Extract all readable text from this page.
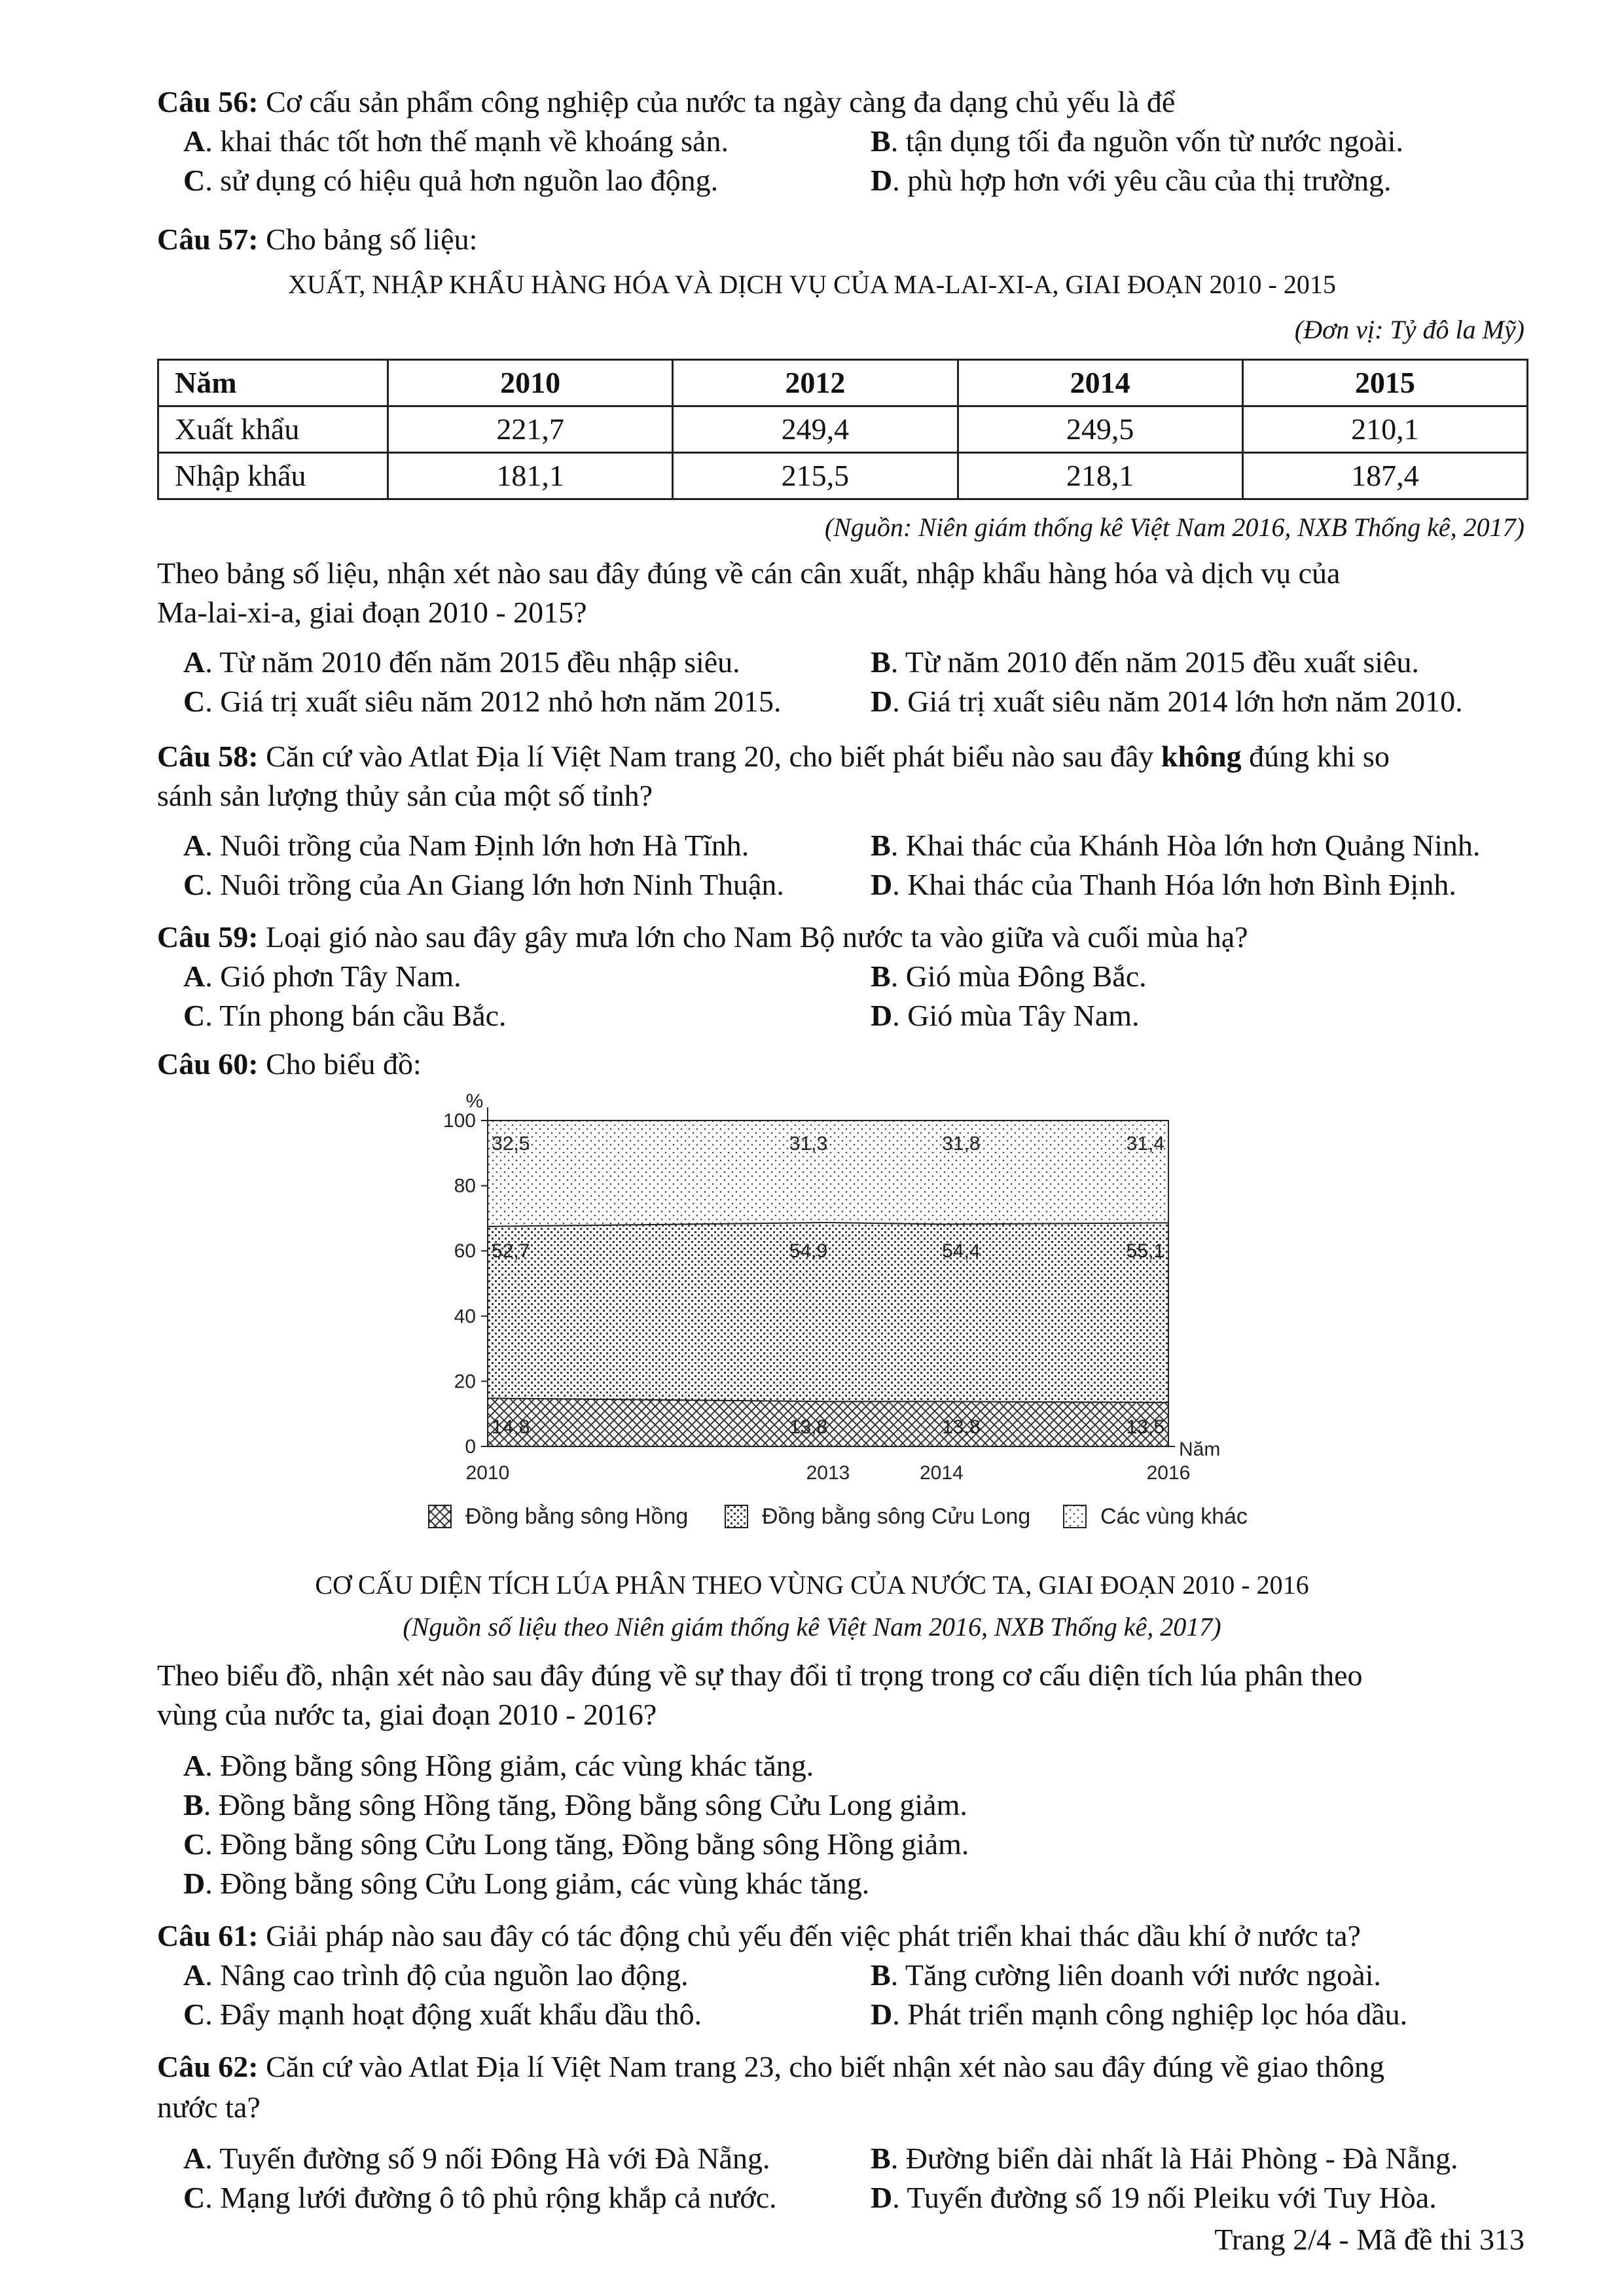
Câu 56: Cơ cấu sản phẩm công nghiệp của nước ta ngày càng đa dạng chủ yếu là để
A. khai thác tốt hơn thế mạnh về khoáng sản.	B. tận dụng tối đa nguồn vốn từ nước ngoài.
C. sử dụng có hiệu quả hơn nguồn lao động.	D. phù hợp hơn với yêu cầu của thị trường.
Câu 57: Cho bảng số liệu:
XUẤT, NHẬP KHẨU HÀNG HÓA VÀ DỊCH VỤ CỦA MA-LAI-XI-A, GIAI ĐOẠN 2010 - 2015
(Đơn vị: Tỷ đô la Mỹ)
Năm	2010	2012	2014	2015
Xuất khẩu	221,7	249,4	249,5	210,1
Nhập khẩu	181,1	215,5	218,1	187,4
(Nguồn: Niên giám thống kê Việt Nam 2016, NXB Thống kê, 2017)
Theo bảng số liệu, nhận xét nào sau đây đúng về cán cân xuất, nhập khẩu hàng hóa và dịch vụ của
Ma-lai-xi-a, giai đoạn 2010 - 2015?
A. Từ năm 2010 đến năm 2015 đều nhập siêu.	B. Từ năm 2010 đến năm 2015 đều xuất siêu.
C. Giá trị xuất siêu năm 2012 nhỏ hơn năm 2015.	D. Giá trị xuất siêu năm 2014 lớn hơn năm 2010.
Câu 58: Căn cứ vào Atlat Địa lí Việt Nam trang 20, cho biết phát biểu nào sau đây không đúng khi so
sánh sản lượng thủy sản của một số tỉnh?
A. Nuôi trồng của Nam Định lớn hơn Hà Tĩnh.	B. Khai thác của Khánh Hòa lớn hơn Quảng Ninh.
C. Nuôi trồng của An Giang lớn hơn Ninh Thuận.	D. Khai thác của Thanh Hóa lớn hơn Bình Định.
Câu 59: Loại gió nào sau đây gây mưa lớn cho Nam Bộ nước ta vào giữa và cuối mùa hạ?
A. Gió phơn Tây Nam.	B. Gió mùa Đông Bắc.
C. Tín phong bán cầu Bắc.	D. Gió mùa Tây Nam.
Câu 60: Cho biểu đồ:
14,8	13,8	13,8	13,5
52,7	54,9	54,4	55,1
32,5	31,3	31,8	31,4
0
20
40
60
80
100
2010	2013	2014	2016
%
Năm
Đồng bằng sông Hồng	Đồng bằng sông Cửu Long	Các vùng khác
CƠ CẤU DIỆN TÍCH LÚA PHÂN THEO VÙNG CỦA NƯỚC TA, GIAI ĐOẠN 2010 - 2016
(Nguồn số liệu theo Niên giám thống kê Việt Nam 2016, NXB Thống kê, 2017)
Theo biểu đồ, nhận xét nào sau đây đúng về sự thay đổi tỉ trọng trong cơ cấu diện tích lúa phân theo
vùng của nước ta, giai đoạn 2010 - 2016?
A. Đồng bằng sông Hồng giảm, các vùng khác tăng.
B. Đồng bằng sông Hồng tăng, Đồng bằng sông Cửu Long giảm.
C. Đồng bằng sông Cửu Long tăng, Đồng bằng sông Hồng giảm.
D. Đồng bằng sông Cửu Long giảm, các vùng khác tăng.
Câu 61: Giải pháp nào sau đây có tác động chủ yếu đến việc phát triển khai thác dầu khí ở nước ta?
A. Nâng cao trình độ của nguồn lao động.	B. Tăng cường liên doanh với nước ngoài.
C. Đẩy mạnh hoạt động xuất khẩu dầu thô.	D. Phát triển mạnh công nghiệp lọc hóa dầu.
Câu 62: Căn cứ vào Atlat Địa lí Việt Nam trang 23, cho biết nhận xét nào sau đây đúng về giao thông
nước ta?
A. Tuyến đường số 9 nối Đông Hà với Đà Nẵng.	B. Đường biển dài nhất là Hải Phòng - Đà Nẵng.
C. Mạng lưới đường ô tô phủ rộng khắp cả nước.	D. Tuyến đường số 19 nối Pleiku với Tuy Hòa.
Trang 2/4 - Mã đề thi 313
